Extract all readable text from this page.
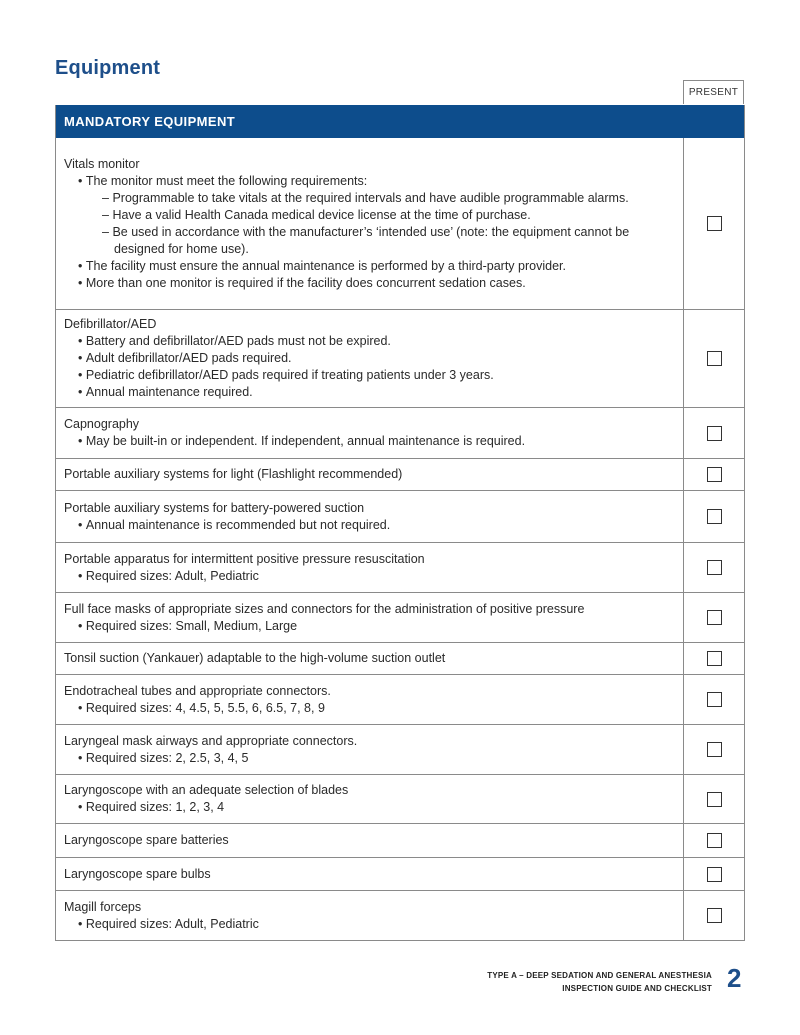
Equipment
PRESENT
MANDATORY EQUIPMENT
Vitals monitor
• The monitor must meet the following requirements:
– Programmable to take vitals at the required intervals and have audible programmable alarms.
– Have a valid Health Canada medical device license at the time of purchase.
– Be used in accordance with the manufacturer’s ‘intended use’ (note: the equipment cannot be designed for home use).
• The facility must ensure the annual maintenance is performed by a third-party provider.
• More than one monitor is required if the facility does concurrent sedation cases.
Defibrillator/AED
• Battery and defibrillator/AED pads must not be expired.
• Adult defibrillator/AED pads required.
• Pediatric defibrillator/AED pads required if treating patients under 3 years.
• Annual maintenance required.
Capnography
• May be built-in or independent. If independent, annual maintenance is required.
Portable auxiliary systems for light (Flashlight recommended)
Portable auxiliary systems for battery-powered suction
• Annual maintenance is recommended but not required.
Portable apparatus for intermittent positive pressure resuscitation
• Required sizes: Adult, Pediatric
Full face masks of appropriate sizes and connectors for the administration of positive pressure
• Required sizes: Small, Medium, Large
Tonsil suction (Yankauer) adaptable to the high-volume suction outlet
Endotracheal tubes and appropriate connectors.
• Required sizes: 4, 4.5, 5, 5.5, 6, 6.5, 7, 8, 9
Laryngeal mask airways and appropriate connectors.
• Required sizes: 2, 2.5, 3, 4, 5
Laryngoscope with an adequate selection of blades
• Required sizes: 1, 2, 3, 4
Laryngoscope spare batteries
Laryngoscope spare bulbs
Magill forceps
• Required sizes: Adult, Pediatric
TYPE A – DEEP SEDATION AND GENERAL ANESTHESIA
INSPECTION GUIDE AND CHECKLIST 2
